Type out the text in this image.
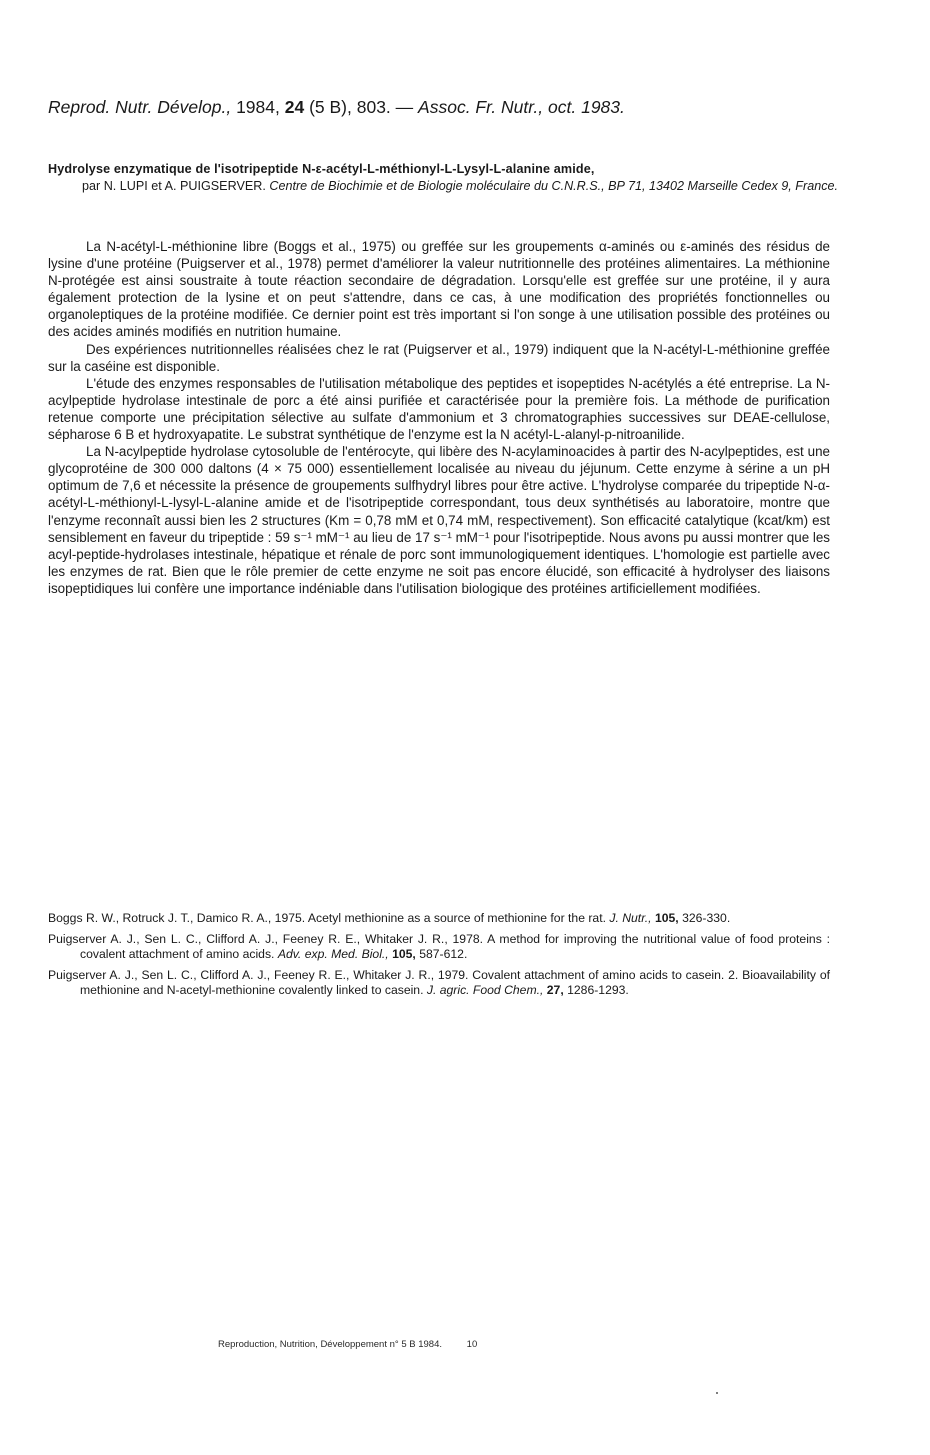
Reprod. Nutr. Dévelop., 1984, 24 (5 B), 803. — Assoc. Fr. Nutr., oct. 1983.
Hydrolyse enzymatique de l'isotripeptide N-ε-acétyl-L-méthionyl-L-Lysyl-L-alanine amide,
par N. LUPI et A. PUIGSERVER. Centre de Biochimie et de Biologie moléculaire du C.N.R.S., BP 71, 13402 Marseille Cedex 9, France.

La N-acétyl-L-méthionine libre (Boggs et al., 1975) ou greffée sur les groupements α-aminés ou ε-aminés des résidus de lysine d'une protéine (Puigserver et al., 1978) permet d'améliorer la valeur nutritionnelle des protéines alimentaires. La méthionine N-protégée est ainsi soustraite à toute réaction secondaire de dégradation. Lorsqu'elle est greffée sur une protéine, il y aura également protection de la lysine et on peut s'attendre, dans ce cas, à une modification des propriétés fonctionnelles ou organoleptiques de la protéine modifiée. Ce dernier point est très important si l'on songe à une utilisation possible des protéines ou des acides aminés modifiés en nutrition humaine.

Des expériences nutritionnelles réalisées chez le rat (Puigserver et al., 1979) indiquent que la N-acétyl-L-méthionine greffée sur la caséine est disponible.

L'étude des enzymes responsables de l'utilisation métabolique des peptides et isopeptides N-acétylés a été entreprise. La N-acylpeptide hydrolase intestinale de porc a été ainsi purifiée et caractérisée pour la première fois. La méthode de purification retenue comporte une précipitation sélective au sulfate d'ammonium et 3 chromatographies successives sur DEAE-cellulose, sépharose 6 B et hydroxyapatite. Le substrat synthétique de l'enzyme est la N acétyl-L-alanyl-p-nitroanilide.

La N-acylpeptide hydrolase cytosoluble de l'entérocyte, qui libère des N-acylaminoacides à partir des N-acylpeptides, est une glycoprotéine de 300 000 daltons (4 × 75 000) essentiellement localisée au niveau du jéjunum. Cette enzyme à sérine a un pH optimum de 7,6 et nécessite la présence de groupements sulfhydryl libres pour être active. L'hydrolyse comparée du tripeptide N-α-acétyl-L-méthionyl-L-lysyl-L-alanine amide et de l'isotripeptide correspondant, tous deux synthétisés au laboratoire, montre que l'enzyme reconnaît aussi bien les 2 structures (Km = 0,78 mM et 0,74 mM, respectivement). Son efficacité catalytique (kcat/km) est sensiblement en faveur du tripeptide : 59 s⁻¹ mM⁻¹ au lieu de 17 s⁻¹ mM⁻¹ pour l'isotripeptide. Nous avons pu aussi montrer que les acyl-peptide-hydrolases intestinale, hépatique et rénale de porc sont immunologiquement identiques. L'homologie est partielle avec les enzymes de rat. Bien que le rôle premier de cette enzyme ne soit pas encore élucidé, son efficacité à hydrolyser des liaisons isopeptidiques lui confère une importance indéniable dans l'utilisation biologique des protéines artificiellement modifiées.

Boggs R. W., Rotruck J. T., Damico R. A., 1975. Acetyl methionine as a source of methionine for the rat. J. Nutr., 105, 326-330.

Puigserver A. J., Sen L. C., Clifford A. J., Feeney R. E., Whitaker J. R., 1978. A method for improving the nutritional value of food proteins : covalent attachment of amino acids. Adv. exp. Med. Biol., 105, 587-612.

Puigserver A. J., Sen L. C., Clifford A. J., Feeney R. E., Whitaker J. R., 1979. Covalent attachment of amino acids to casein. 2. Bioavailability of methionine and N-acetyl-methionine covalently linked to casein. J. agric. Food Chem., 27, 1286-1293.

Reproduction, Nutrition, Développement n° 5 B 1984.	10
